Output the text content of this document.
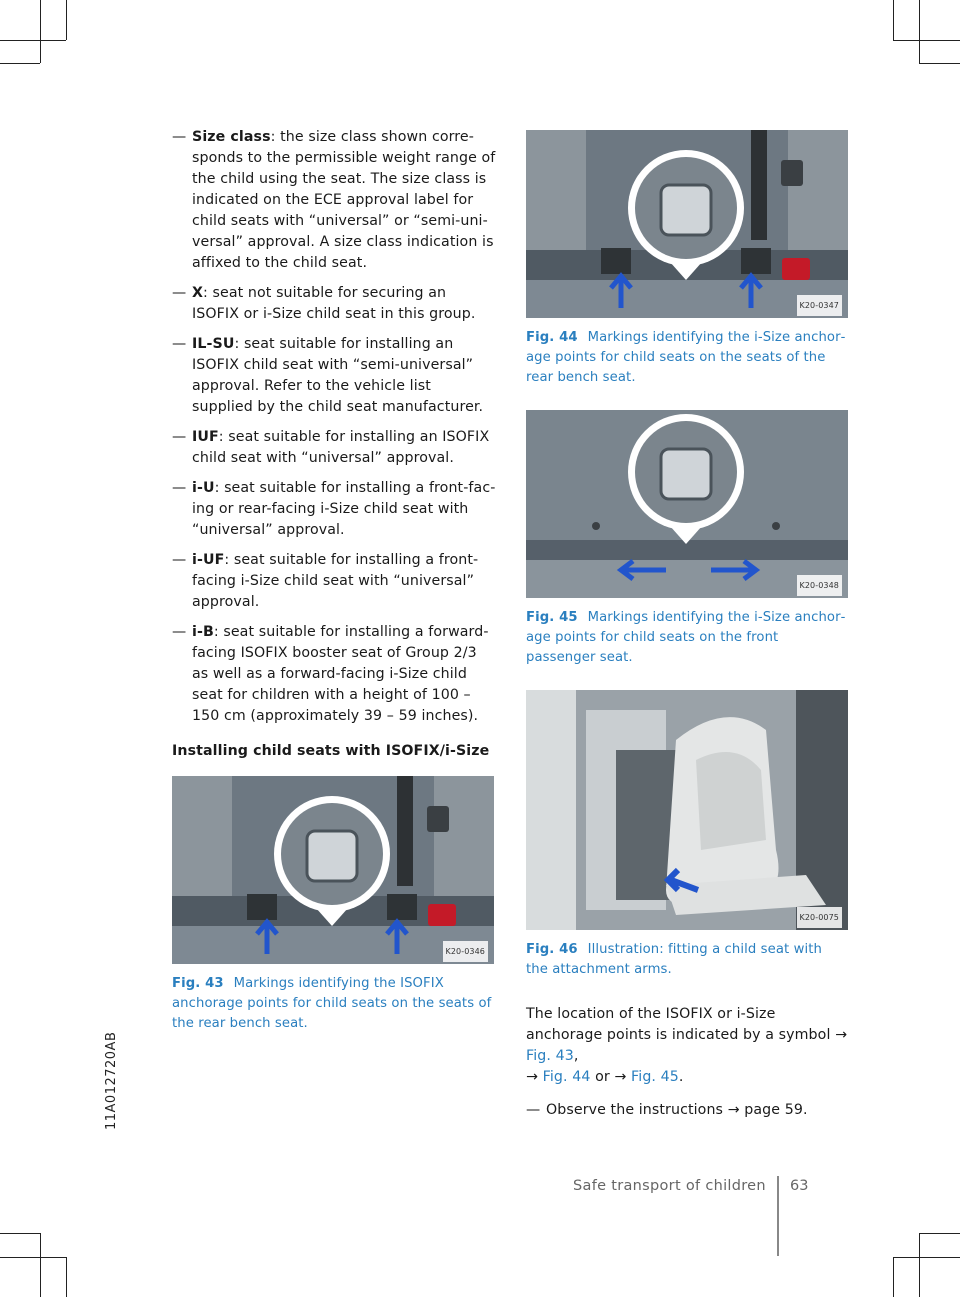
11A012720AB
— Size class: the size class shown corresponds to the permissible weight range of the child using the seat. The size class is indicated on the ECE approval label for child seats with “universal” or “semi-universal” approval. A size class indication is affixed to the child seat.
— X: seat not suitable for securing an ISOFIX or i-Size child seat in this group.
— IL-SU: seat suitable for installing an ISOFIX child seat with “semi-universal” approval. Refer to the vehicle list supplied by the child seat manufacturer.
— IUF: seat suitable for installing an ISOFIX child seat with “universal” approval.
— i-U: seat suitable for installing a front-facing or rear-facing i-Size child seat with “universal” approval.
— i-UF: seat suitable for installing a front-facing i-Size child seat with “universal” approval.
— i-B: seat suitable for installing a forward-facing ISOFIX booster seat of Group 2/3 as well as a forward-facing i-Size child seat for children with a height of 100 – 150 cm (approximately 39 – 59 inches).
Installing child seats with ISOFIX/i-Size
K20-0346
Fig. 43 Markings identifying the ISOFIX anchorage points for child seats on the seats of the rear bench seat.
K20-0347
Fig. 44 Markings identifying the i-Size anchorage points for child seats on the seats of the rear bench seat.
K20-0348
Fig. 45 Markings identifying the i-Size anchorage points for child seats on the front passenger seat.
K20-0075
Fig. 46 Illustration: fitting a child seat with the attachment arms.
The location of the ISOFIX or i-Size anchorage points is indicated by a symbol → Fig. 43,
→ Fig. 44 or → Fig. 45.
— Observe the instructions → page 59.
Safe transport of children 63
